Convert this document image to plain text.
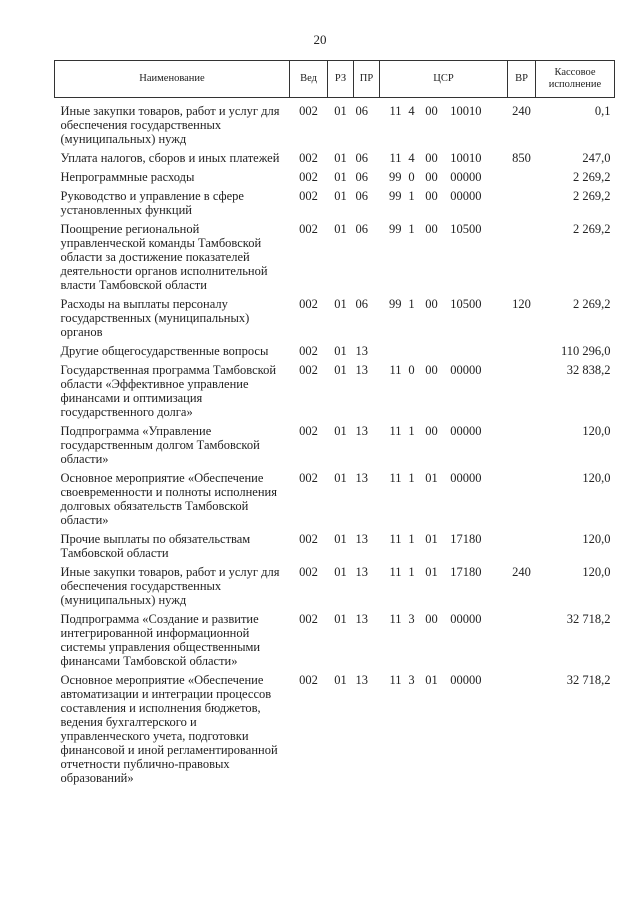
20
Наименование	Вед	РЗ	ПР	ЦСР	ВР	Кассовое исполнение
Иные закупки товаров, работ и услуг для обеспечения государственных (муниципальных) нужд	002	01	06	11 4 00 10010	240	0,1
Уплата налогов, сборов и иных платежей	002	01	06	11 4 00 10010	850	247,0
Непрограммные расходы	002	01	06	99 0 00 00000		2 269,2
Руководство и управление в сфере установленных функций	002	01	06	99 1 00 00000		2 269,2
Поощрение региональной управленческой команды Тамбовской области за достижение показателей деятельности органов исполнительной власти Тамбовской области	002	01	06	99 1 00 10500		2 269,2
Расходы на выплаты персоналу государственных (муниципальных) органов	002	01	06	99 1 00 10500	120	2 269,2
Другие общегосударственные вопросы	002	01	13			110 296,0
Государственная программа Тамбовской области «Эффективное управление финансами и оптимизация государственного долга»	002	01	13	11 0 00 00000		32 838,2
Подпрограмма «Управление государственным долгом Тамбовской области»	002	01	13	11 1 00 00000		120,0
Основное мероприятие «Обеспечение своевременности и полноты исполнения долговых обязательств Тамбовской области»	002	01	13	11 1 01 00000		120,0
Прочие выплаты по обязательствам Тамбовской области	002	01	13	11 1 01 17180		120,0
Иные закупки товаров, работ и услуг для обеспечения государственных (муниципальных) нужд	002	01	13	11 1 01 17180	240	120,0
Подпрограмма «Создание и развитие интегрированной информационной системы управления общественными финансами Тамбовской области»	002	01	13	11 3 00 00000		32 718,2
Основное мероприятие «Обеспечение автоматизации и интеграции процессов составления и исполнения бюджетов, ведения бухгалтерского и управленческого учета, подготовки финансовой и иной регламентированной отчетности публично-правовых образований»	002	01	13	11 3 01 00000		32 718,2
